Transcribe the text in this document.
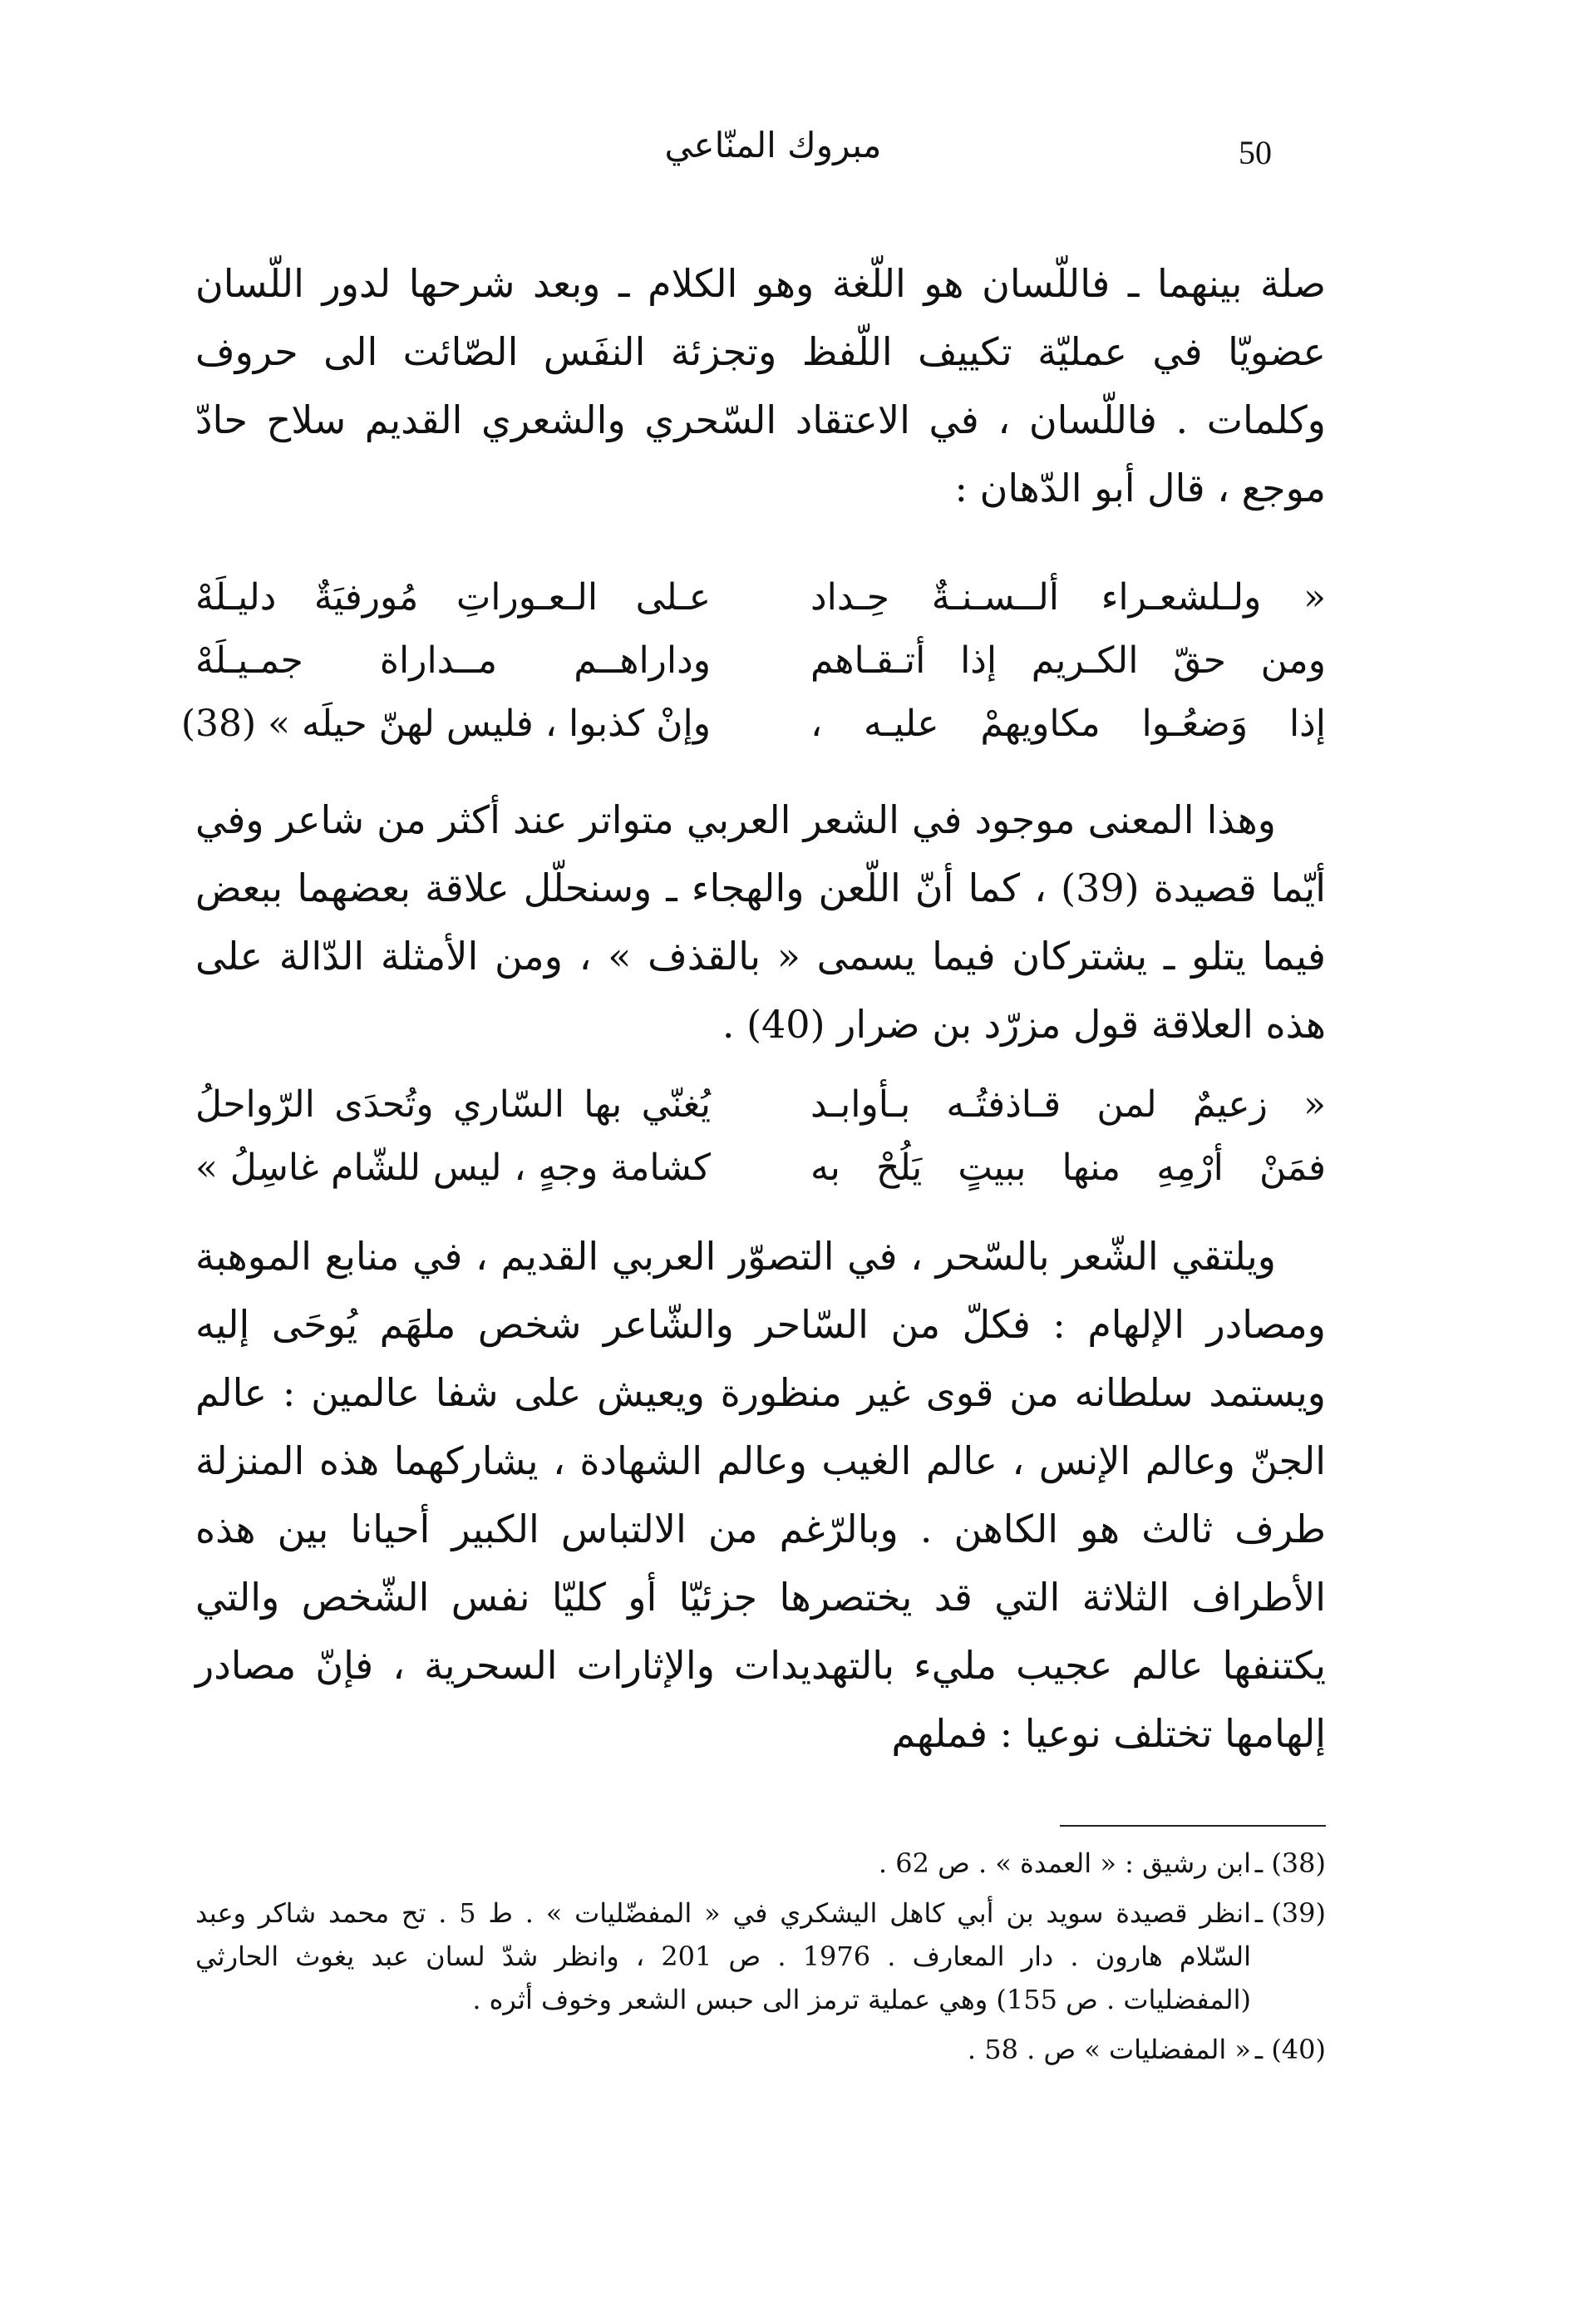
50
مبروك المنّاعي

صلة بينهما ـ فاللّسان هو اللّغة وهو الكلام ـ وبعد شرحها لدور اللّسان عضويّا في عمليّة تكييف اللّفظ وتجزئة النفَس الصّائت الى حروف وكلمات . فاللّسان ، في الاعتقاد السّحري والشعري القديم سلاح حادّ موجع ، قال أبو الدّهان :

« ولـلشعـراء ألــسـنـةٌ حِـداد
عـلى الـعـوراتِ مُورفيَةٌ دليـلَهْ
ومن حقّ الكـريم إذا أتـقـاهم
وداراهــم مــداراة جمـيـلَهْ
إذا وَضعُـوا مكاويهمْ عليـه ،
وإنْ كذبوا ، فليس لهنّ حيلَه » (38)

وهذا المعنى موجود في الشعر العربي متواتر عند أكثر من شاعر وفي أيّما قصيدة (39) ، كما أنّ اللّعن والهجاء ـ وسنحلّل علاقة بعضهما ببعض فيما يتلو ـ يشتركان فيما يسمى « بالقذف » ، ومن الأمثلة الدّالة على هذه العلاقة قول مزرّد بن ضرار (40) .

« زعيمٌ لمن قـاذفتُـه بـأوابـد
يُغنّي بها السّاري وتُحدَى الرّواحلُ
فمَنْ أرْمِهِ منها ببيتٍ يَلُحْ به
كشامة وجهٍ ، ليس للشّام غاسِلُ »

ويلتقي الشّعر بالسّحر ، في التصوّر العربي القديم ، في منابع الموهبة ومصادر الإلهام : فكلّ من السّاحر والشّاعر شخص ملهَم يُوحَى إليه ويستمد سلطانه من قوى غير منظورة ويعيش على شفا عالمين : عالم الجنّ وعالم الإنس ، عالم الغيب وعالم الشهادة ، يشاركهما هذه المنزلة طرف ثالث هو الكاهن . وبالرّغم من الالتباس الكبير أحيانا بين هذه الأطراف الثلاثة التي قد يختصرها جزئيّا أو كليّا نفس الشّخص والتي يكتنفها عالم عجيب مليء بالتهديدات والإثارات السحرية ، فإنّ مصادر إلهامها تختلف نوعيا : فملهم

(38) ـ
ابن رشيق : « العمدة » . ص 62 .
(39) ـ
انظر قصيدة سويد بن أبي كاهل اليشكري في « المفضّليات » . ط 5 . تح محمد شاكر وعبد السّلام هارون . دار المعارف . 1976 . ص 201 ، وانظر شدّ لسان عبد يغوث الحارثي (المفضليات . ص 155) وهي عملية ترمز الى حبس الشعر وخوف أثره .
(40) ـ
« المفضليات » ص . 58 .
